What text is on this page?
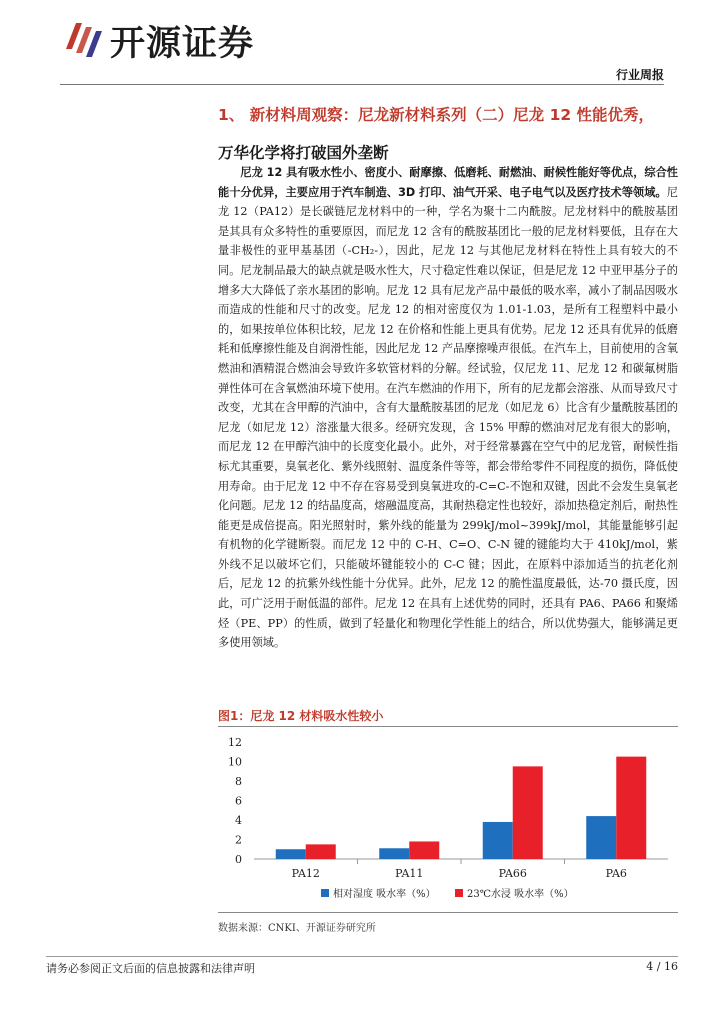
开源证券
行业周报
1、 新材料周观察：尼龙新材料系列（二）尼龙 12 性能优秀，
万华化学将打破国外垄断
尼龙 12 具有吸水性小、密度小、耐摩擦、低磨耗、耐燃油、耐候性能好等优点，综合性能十分优异，主要应用于汽车制造、3D 打印、油气开采、电子电气以及医疗技术等领域。尼龙 12（PA12）是长碳链尼龙材料中的一种，学名为聚十二内酰胺。尼龙材料中的酰胺基团是其具有众多特性的重要原因，而尼龙 12 含有的酰胺基团比一般的尼龙材料要低，且存在大量非极性的亚甲基基团（-CH₂-），因此，尼龙 12 与其他尼龙材料在特性上具有较大的不同。尼龙制品最大的缺点就是吸水性大，尺寸稳定性难以保证，但是尼龙 12 中亚甲基分子的增多大大降低了亲水基团的影响。尼龙 12 具有尼龙产品中最低的吸水率，减小了制品因吸水而造成的性能和尺寸的改变。尼龙 12 的相对密度仅为 1.01-1.03，是所有工程塑料中最小的，如果按单位体积比较，尼龙 12 在价格和性能上更具有优势。尼龙 12 还具有优异的低磨耗和低摩擦性能及自润滑性能，因此尼龙 12 产品摩擦噪声很低。在汽车上，目前使用的含氧燃油和酒精混合燃油会导致许多软管材料的分解。经试验，仅尼龙 11、尼龙 12 和碳氟树脂弹性体可在含氧燃油环境下使用。在汽车燃油的作用下，所有的尼龙都会溶涨、从而导致尺寸改变，尤其在含甲醇的汽油中，含有大量酰胺基团的尼龙（如尼龙 6）比含有少量酰胺基团的尼龙（如尼龙 12）溶涨量大很多。经研究发现，含 15% 甲醇的燃油对尼龙有很大的影响，而尼龙 12 在甲醇汽油中的长度变化最小。此外，对于经常暴露在空气中的尼龙管，耐候性指标尤其重要，臭氧老化、紫外线照射、温度条件等等，都会带给零件不同程度的损伤，降低使用寿命。由于尼龙 12 中不存在容易受到臭氧进攻的-C=C-不饱和双键，因此不会发生臭氧老化问题。尼龙 12 的结晶度高，熔融温度高，其耐热稳定性也较好，添加热稳定剂后，耐热性能更是成倍提高。阳光照射时，紫外线的能量为 299kJ/mol~399kJ/mol，其能量能够引起有机物的化学键断裂。而尼龙 12 中的 C-H、C=O、C-N 键的键能均大于 410kJ/mol，紫外线不足以破坏它们，只能破坏键能较小的 C-C 键；因此，在原料中添加适当的抗老化剂后，尼龙 12 的抗紫外线性能十分优异。此外，尼龙 12 的脆性温度最低，达-70 摄氏度，因此，可广泛用于耐低温的部件。尼龙 12 在具有上述优势的同时，还具有 PA6、PA66 和聚烯烃（PE、PP）的性质，做到了轻量化和物理化学性能上的结合，所以优势强大，能够满足更多使用领域。
图1：尼龙 12 材料吸水性较小
0
2
4
6
8
10
12
PA12	PA11	PA66	PA6
相对湿度 吸水率（%）	23℃水浸 吸水率（%）
数据来源：CNKI、开源证券研究所
请务必参阅正文后面的信息披露和法律声明	4 / 16
